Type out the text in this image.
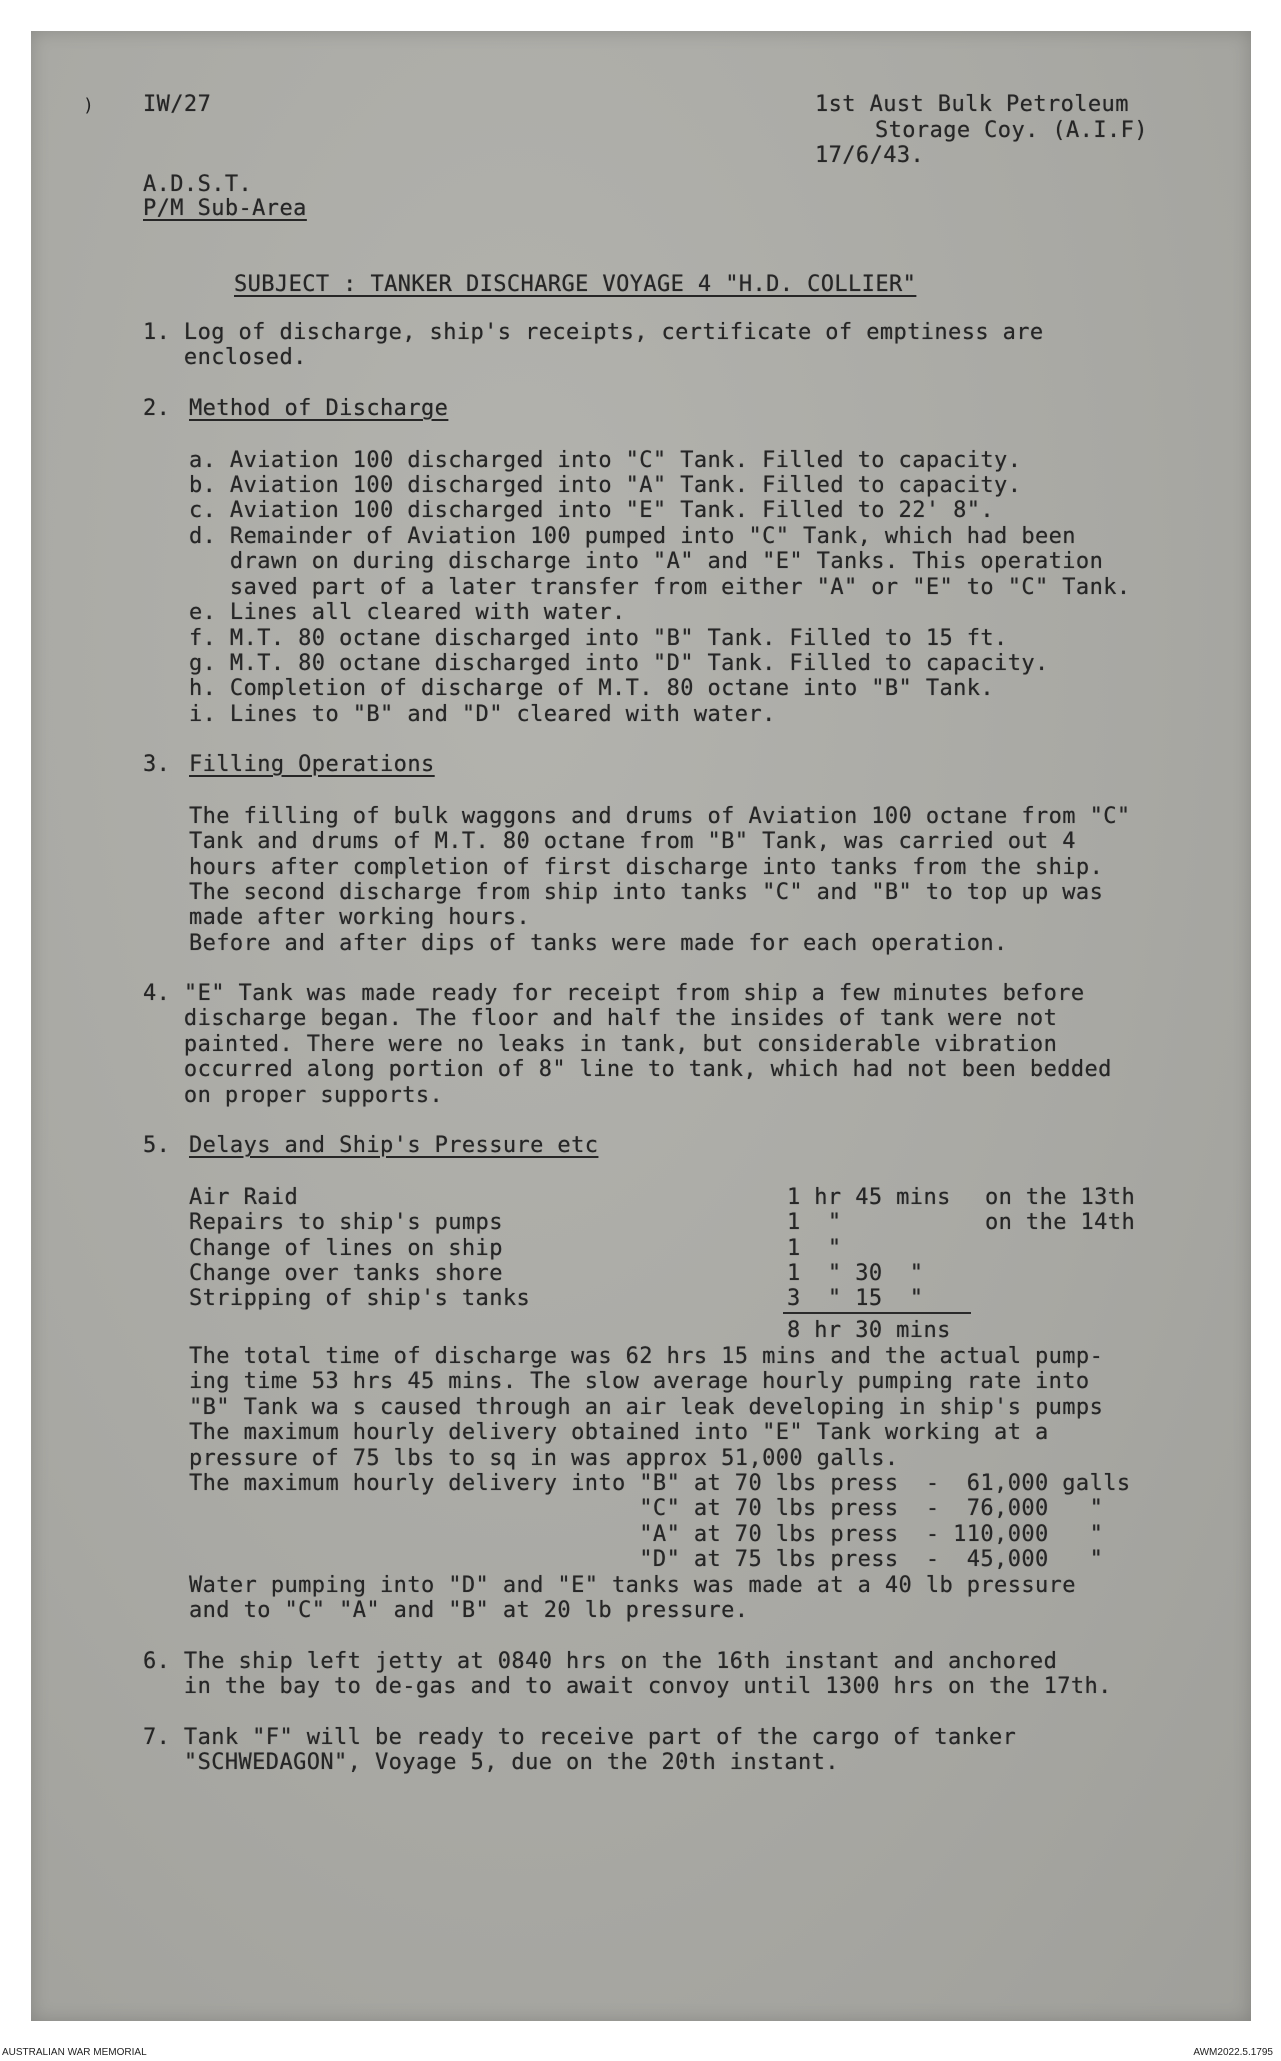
) IW/27	1st Aust Bulk Petroleum
Storage Coy. (A.I.F)
17/6/43.
A.D.S.T.
P/M Sub-Area
SUBJECT : TANKER DISCHARGE VOYAGE 4 "H.D. COLLIER"
1. Log of discharge, ship's receipts, certificate of emptiness are
enclosed.
2. Method of Discharge
a. Aviation 100 discharged into "C" Tank. Filled to capacity.
b. Aviation 100 discharged into "A" Tank. Filled to capacity.
c. Aviation 100 discharged into "E" Tank. Filled to 22' 8".
d. Remainder of Aviation 100 pumped into "C" Tank, which had been
drawn on during discharge into "A" and "E" Tanks. This operation
saved part of a later transfer from either "A" or "E" to "C" Tank.
e. Lines all cleared with water.
f. M.T. 80 octane discharged into "B" Tank. Filled to 15 ft.
g. M.T. 80 octane discharged into "D" Tank. Filled to capacity.
h. Completion of discharge of M.T. 80 octane into "B" Tank.
i. Lines to "B" and "D" cleared with water.
3. Filling Operations
The filling of bulk waggons and drums of Aviation 100 octane from "C"
Tank and drums of M.T. 80 octane from "B" Tank, was carried out 4
hours after completion of first discharge into tanks from the ship.
The second discharge from ship into tanks "C" and "B" to top up was
made after working hours.
Before and after dips of tanks were made for each operation.
4. "E" Tank was made ready for receipt from ship a few minutes before
discharge began. The floor and half the insides of tank were not
painted. There were no leaks in tank, but considerable vibration
occurred along portion of 8" line to tank, which had not been bedded
on proper supports.
5. Delays and Ship's Pressure etc
Air Raid	1 hr 45 mins on the 13th
Repairs to ship's pumps	1  "	on the 14th
Change of lines on ship	1  "
Change over tanks shore	1  " 30  "
Stripping of ship's tanks	3  " 15  "
8 hr 30 mins
The total time of discharge was 62 hrs 15 mins and the actual pump-
ing time 53 hrs 45 mins. The slow average hourly pumping rate into
"B" Tank wa s caused through an air leak developing in ship's pumps
The maximum hourly delivery obtained into "E" Tank working at a
pressure of 75 lbs to sq in was approx 51,000 galls.
The maximum hourly delivery into "B" at 70 lbs press  -  61,000 galls
"C" at 70 lbs press  -  76,000   "
"A" at 70 lbs press  - 110,000   "
"D" at 75 lbs press  -  45,000   "
Water pumping into "D" and "E" tanks was made at a 40 lb pressure
and to "C" "A" and "B" at 20 lb pressure.
6. The ship left jetty at 0840 hrs on the 16th instant and anchored
in the bay to de-gas and to await convoy until 1300 hrs on the 17th.
7. Tank "F" will be ready to receive part of the cargo of tanker
"SCHWEDAGON", Voyage 5, due on the 20th instant.
AUSTRALIAN WAR MEMORIAL	AWM2022.5.1795
